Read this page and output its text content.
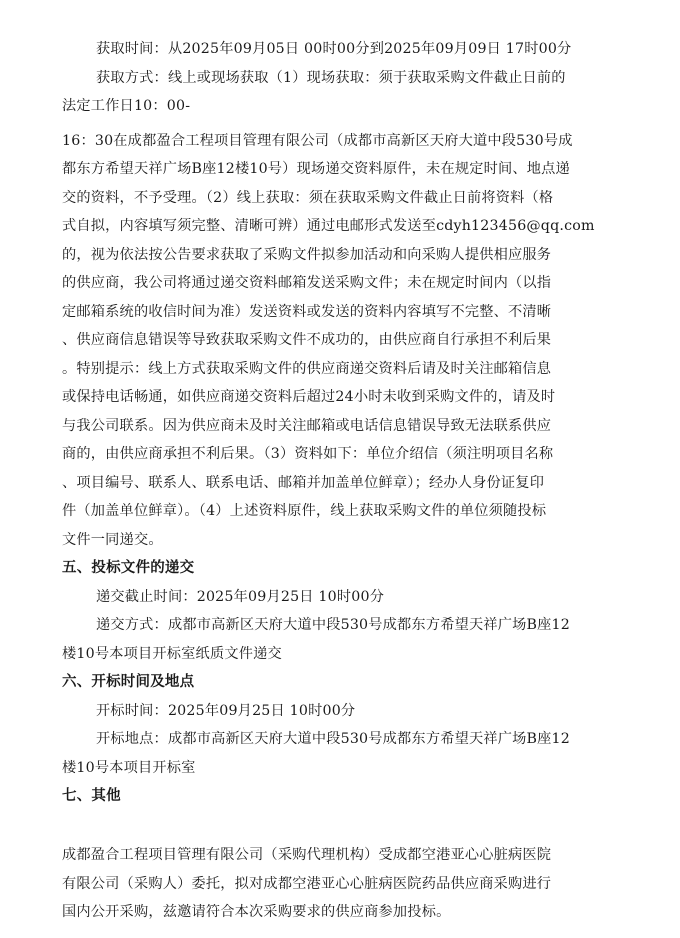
获取时间：从2025年09月05日 00时00分到2025年09月09日 17时00分
获取方式：线上或现场获取（1）现场获取：须于获取采购文件截止日前的
法定工作日10：00-
16：30在成都盈合工程项目管理有限公司（成都市高新区天府大道中段530号成
都东方希望天祥广场B座12楼10号）现场递交资料原件，未在规定时间、地点递
交的资料，不予受理。（2）线上获取：须在获取采购文件截止日前将资料（格
式自拟，内容填写须完整、清晰可辨）通过电邮形式发送至cdyh123456@qq.com
的，视为依法按公告要求获取了采购文件拟参加活动和向采购人提供相应服务
的供应商，我公司将通过递交资料邮箱发送采购文件；未在规定时间内（以指
定邮箱系统的收信时间为准）发送资料或发送的资料内容填写不完整、不清晰
、供应商信息错误等导致获取采购文件不成功的，由供应商自行承担不利后果
。特别提示：线上方式获取采购文件的供应商递交资料后请及时关注邮箱信息
或保持电话畅通，如供应商递交资料后超过24小时未收到采购文件的，请及时
与我公司联系。因为供应商未及时关注邮箱或电话信息错误导致无法联系供应
商的，由供应商承担不利后果。（3）资料如下：单位介绍信（须注明项目名称
、项目编号、联系人、联系电话、邮箱并加盖单位鲜章）；经办人身份证复印
件（加盖单位鲜章）。（4）上述资料原件，线上获取采购文件的单位须随投标
文件一同递交。
五、投标文件的递交
递交截止时间：2025年09月25日 10时00分
递交方式：成都市高新区天府大道中段530号成都东方希望天祥广场B座12
楼10号本项目开标室纸质文件递交
六、开标时间及地点
开标时间：2025年09月25日 10时00分
开标地点：成都市高新区天府大道中段530号成都东方希望天祥广场B座12
楼10号本项目开标室
七、其他
成都盈合工程项目管理有限公司（采购代理机构）受成都空港亚心心脏病医院
有限公司（采购人）委托，拟对成都空港亚心心脏病医院药品供应商采购进行
国内公开采购，兹邀请符合本次采购要求的供应商参加投标。
